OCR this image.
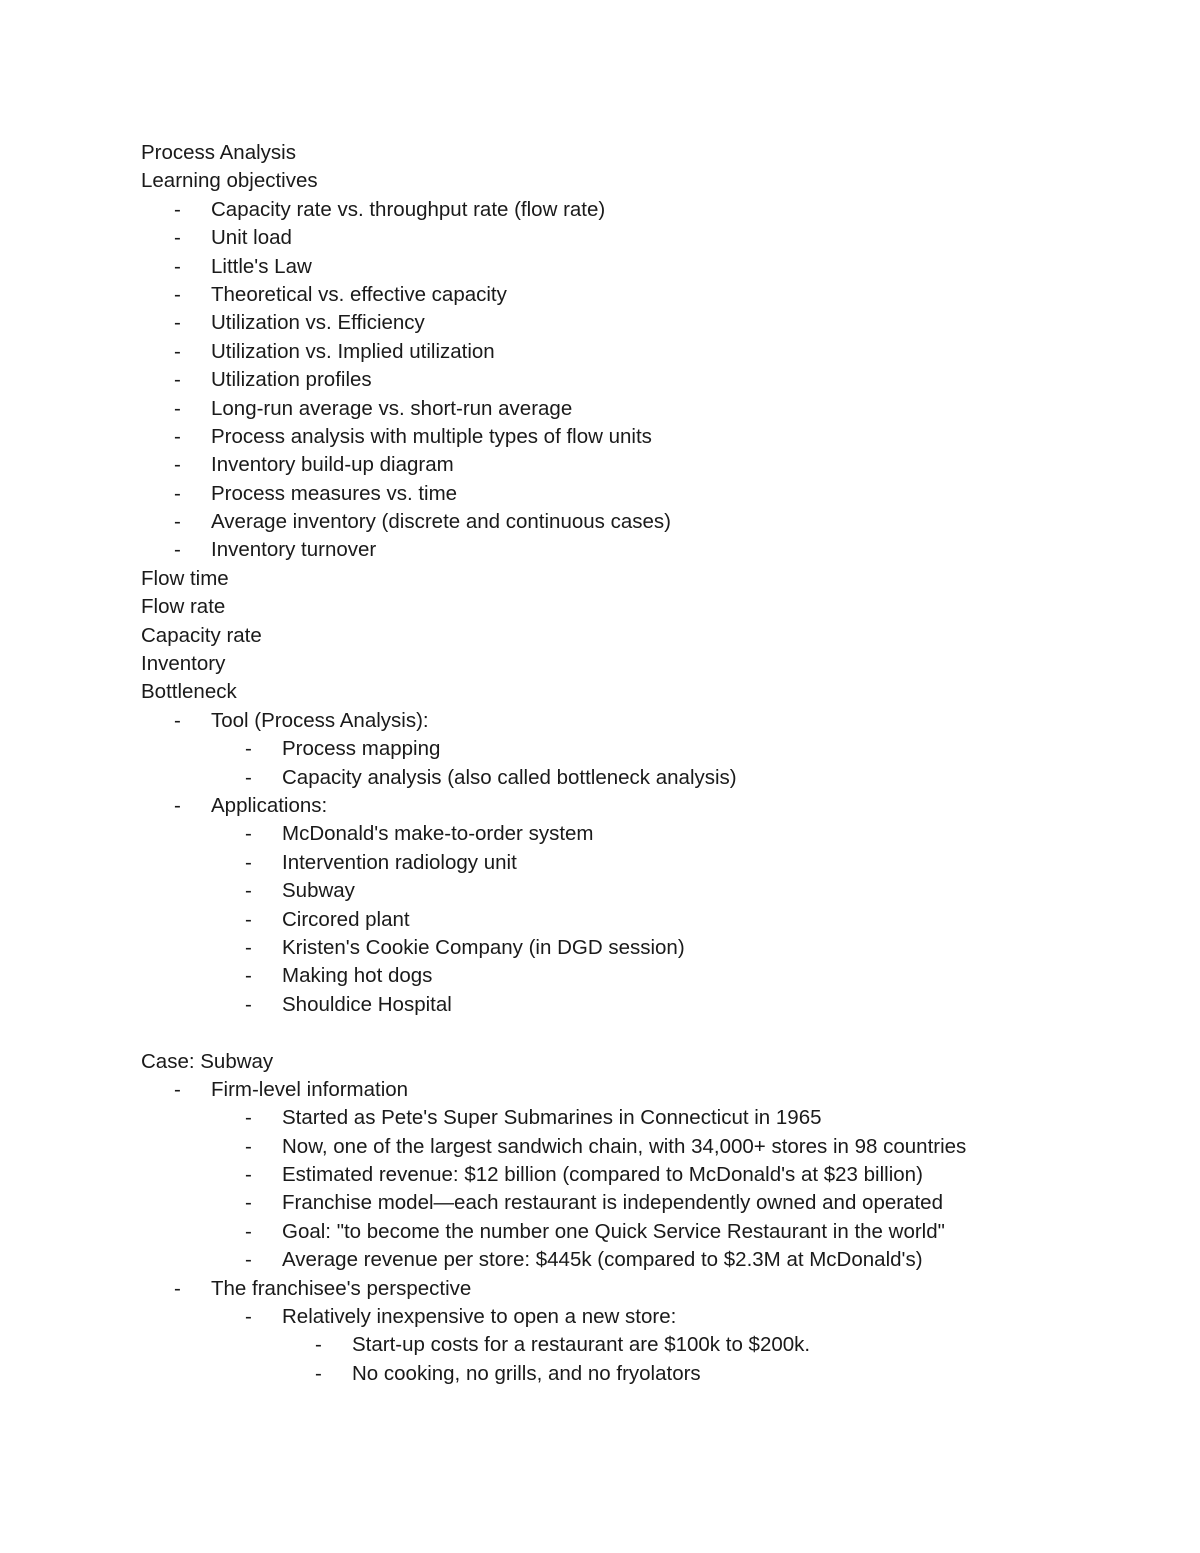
Process Analysis
Learning objectives
-	Capacity rate vs. throughput rate (flow rate)
-	Unit load
-	Little's Law
-	Theoretical vs. effective capacity
-	Utilization vs. Efficiency
-	Utilization vs. Implied utilization
-	Utilization profiles
-	Long-run average vs. short-run average
-	Process analysis with multiple types of flow units
-	Inventory build-up diagram
-	Process measures vs. time
-	Average inventory (discrete and continuous cases)
-	Inventory turnover
Flow time
Flow rate
Capacity rate
Inventory
Bottleneck
-	Tool (Process Analysis):
-	Process mapping
-	Capacity analysis (also called bottleneck analysis)
-	Applications:
-	McDonald's make-to-order system
-	Intervention radiology unit
-	Subway
-	Circored plant
-	Kristen's Cookie Company (in DGD session)
-	Making hot dogs
-	Shouldice Hospital
Case: Subway
-	Firm-level information
-	Started as Pete's Super Submarines in Connecticut in 1965
-	Now, one of the largest sandwich chain, with 34,000+ stores in 98 countries
-	Estimated revenue: $12 billion (compared to McDonald's at $23 billion)
-	Franchise model—each restaurant is independently owned and operated
-	Goal: "to become the number one Quick Service Restaurant in the world"
-	Average revenue per store: $445k (compared to $2.3M at McDonald's)
-	The franchisee's perspective
-	Relatively inexpensive to open a new store:
-	Start-up costs for a restaurant are $100k to $200k.
-	No cooking, no grills, and no fryolators
